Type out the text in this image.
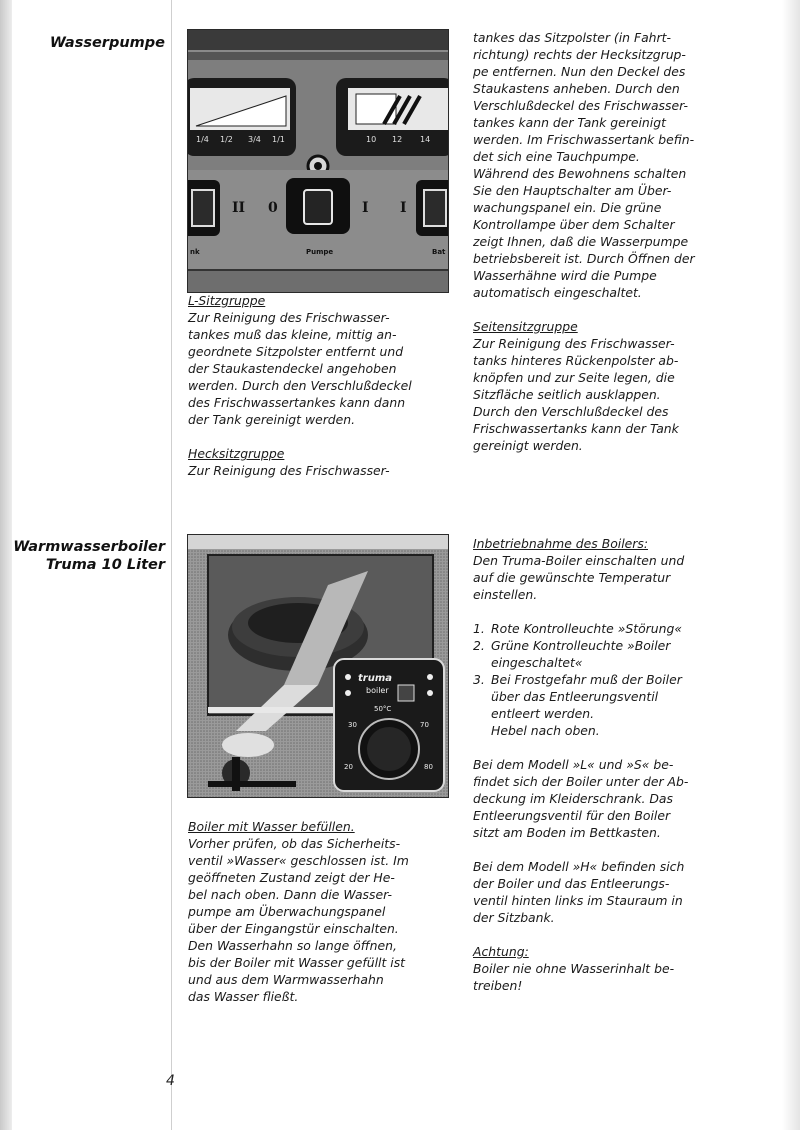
Wasserpumpe
Warmwasserboiler
Truma 10 Liter
1/4 1/2 3/4 1/1	10 12 14
II 0	I I
nk	Pumpe	Bat
truma
boiler
50°C
30	70
20	80

L-Sitzgruppe

Zur Reinigung des Frischwasser-

tankes muß das kleine, mittig an-

geordnete Sitzpolster entfernt und

der Staukastendeckel angehoben

werden. Durch den Verschlußdeckel

des Frischwassertankes kann dann

der Tank gereinigt werden.

Hecksitzgruppe

Zur Reinigung des Frischwasser-

tankes das Sitzpolster (in Fahrt-

richtung) rechts der Hecksitzgrup-

pe entfernen. Nun den Deckel des

Staukastens anheben. Durch den

Verschlußdeckel des Frischwasser-

tankes kann der Tank gereinigt

werden. Im Frischwassertank befin-

det sich eine Tauchpumpe.

Während des Bewohnens schalten

Sie den Hauptschalter am Über-

wachungspanel ein. Die grüne

Kontrollampe über dem Schalter

zeigt Ihnen, daß die Wasserpumpe

betriebsbereit ist. Durch Öffnen der

Wasserhähne wird die Pumpe

automatisch eingeschaltet.

Seitensitzgruppe

Zur Reinigung des Frischwasser-

tanks hinteres Rückenpolster ab-

knöpfen und zur Seite legen, die

Sitzfläche seitlich ausklappen.

Durch den Verschlußdeckel des

Frischwassertanks kann der Tank

gereinigt werden.

Boiler mit Wasser befüllen.

Vorher prüfen, ob das Sicherheits-

ventil »Wasser« geschlossen ist. Im

geöffneten Zustand zeigt der He-

bel nach oben. Dann die Wasser-

pumpe am Überwachungspanel

über der Eingangstür einschalten.

Den Wasserhahn so lange öffnen,

bis der Boiler mit Wasser gefüllt ist

und aus dem Warmwasserhahn

das Wasser fließt.

Inbetriebnahme des Boilers:

Den Truma-Boiler einschalten und

auf die gewünschte Temperatur

einstellen.

1. Rote Kontrolleuchte »Störung«

2. Grüne Kontrolleuchte »Boiler

eingeschaltet«

3. Bei Frostgefahr muß der Boiler

über das Entleerungsventil

entleert werden.

Hebel nach oben.

Bei dem Modell »L« und »S« be-

findet sich der Boiler unter der Ab-

deckung im Kleiderschrank. Das

Entleerungsventil für den Boiler

sitzt am Boden im Bettkasten.

Bei dem Modell »H« befinden sich

der Boiler und das Entleerungs-

ventil hinten links im Stauraum in

der Sitzbank.

Achtung:

Boiler nie ohne Wasserinhalt be-

treiben!

4
